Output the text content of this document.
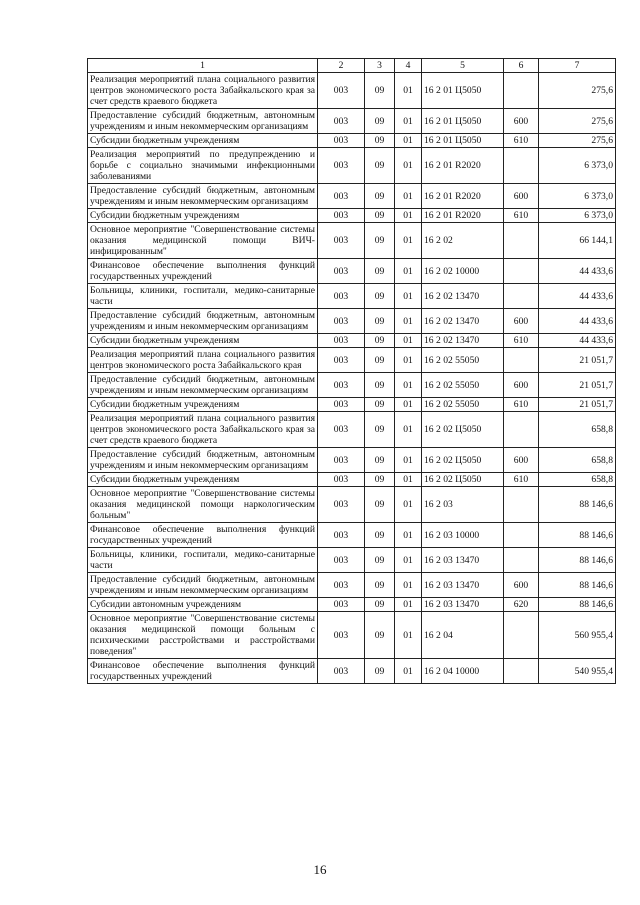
1	2	3	4	5	6	7
Реализация мероприятий плана социального развития центров экономического роста Забайкальского края за счет средств краевого бюджета	003	09	01	16 2 01 Ц5050		275,6
Предоставление субсидий бюджетным, автономным учреждениям и иным некоммерческим организациям	003	09	01	16 2 01 Ц5050	600	275,6
Субсидии бюджетным учреждениям	003	09	01	16 2 01 Ц5050	610	275,6
Реализация мероприятий по предупреждению и борьбе с социально значимыми инфекционными заболеваниями	003	09	01	16 2 01 R2020		6 373,0
Предоставление субсидий бюджетным, автономным учреждениям и иным некоммерческим организациям	003	09	01	16 2 01 R2020	600	6 373,0
Субсидии бюджетным учреждениям	003	09	01	16 2 01 R2020	610	6 373,0
Основное мероприятие "Совершенствование системы оказания медицинской помощи ВИЧ-инфицированным"	003	09	01	16 2 02		66 144,1
Финансовое обеспечение выполнения функций государственных учреждений	003	09	01	16 2 02 10000		44 433,6
Больницы, клиники, госпитали, медико-санитарные части	003	09	01	16 2 02 13470		44 433,6
Предоставление субсидий бюджетным, автономным учреждениям и иным некоммерческим организациям	003	09	01	16 2 02 13470	600	44 433,6
Субсидии бюджетным учреждениям	003	09	01	16 2 02 13470	610	44 433,6
Реализация мероприятий плана социального развития центров экономического роста Забайкальского края	003	09	01	16 2 02 55050		21 051,7
Предоставление субсидий бюджетным, автономным учреждениям и иным некоммерческим организациям	003	09	01	16 2 02 55050	600	21 051,7
Субсидии бюджетным учреждениям	003	09	01	16 2 02 55050	610	21 051,7
Реализация мероприятий плана социального развития центров экономического роста Забайкальского края за счет средств краевого бюджета	003	09	01	16 2 02 Ц5050		658,8
Предоставление субсидий бюджетным, автономным учреждениям и иным некоммерческим организациям	003	09	01	16 2 02 Ц5050	600	658,8
Субсидии бюджетным учреждениям	003	09	01	16 2 02 Ц5050	610	658,8
Основное мероприятие "Совершенствование системы оказания медицинской помощи наркологическим больным"	003	09	01	16 2 03		88 146,6
Финансовое обеспечение выполнения функций государственных учреждений	003	09	01	16 2 03 10000		88 146,6
Больницы, клиники, госпитали, медико-санитарные части	003	09	01	16 2 03 13470		88 146,6
Предоставление субсидий бюджетным, автономным учреждениям и иным некоммерческим организациям	003	09	01	16 2 03 13470	600	88 146,6
Субсидии автономным учреждениям	003	09	01	16 2 03 13470	620	88 146,6
Основное мероприятие "Совершенствование системы оказания медицинской помощи больным с психическими расстройствами и расстройствами поведения"	003	09	01	16 2 04		560 955,4
Финансовое обеспечение выполнения функций государственных учреждений	003	09	01	16 2 04 10000		540 955,4
16
